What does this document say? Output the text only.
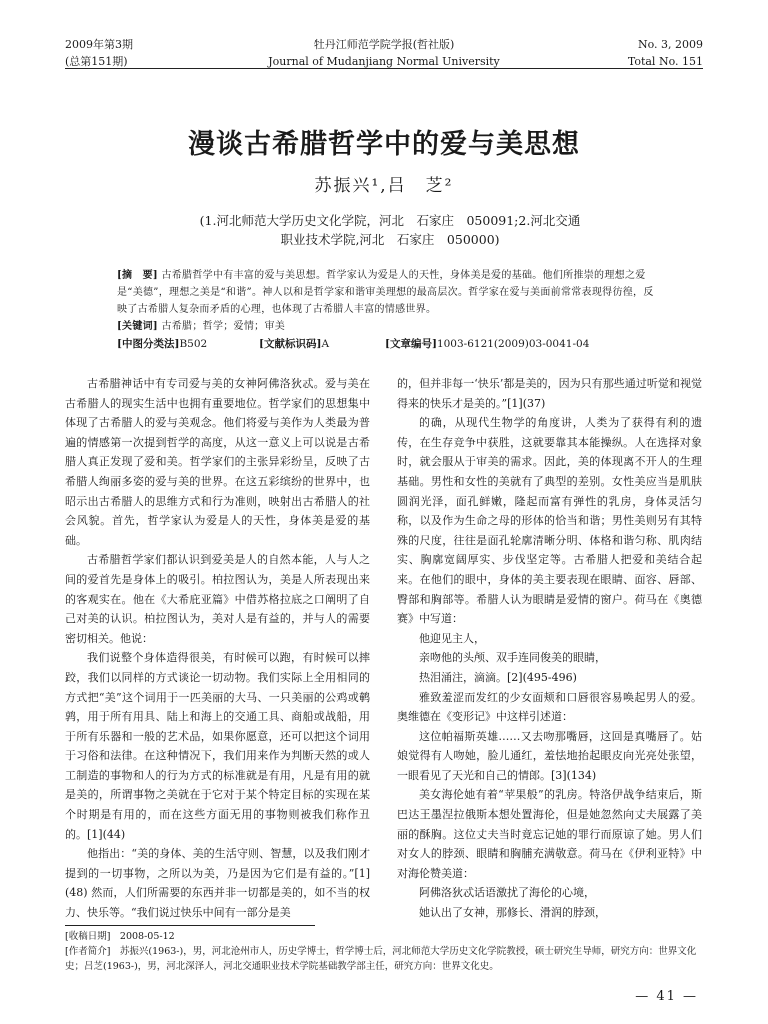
2009年第3期
(总第151期)
牡丹江师范学院学报(哲社版)
Journal of Mudanjiang Normal University
No. 3, 2009
Total No. 151
漫谈古希腊哲学中的爱与美思想
苏振兴¹,吕　芝²
(1.河北师范大学历史文化学院，河北　石家庄　050091;2.河北交通
职业技术学院,河北　石家庄　050000)
[摘　要] 古希腊哲学中有丰富的爱与美思想。哲学家认为爱是人的天性，身体美是爱的基础。他们所推崇的理想之爱是“美德”，理想之美是“和谐”。神人以和是哲学家和谐审美理想的最高层次。哲学家在爱与美面前常常表现得彷徨，反映了古希腊人复杂而矛盾的心理，也体现了古希腊人丰富的情感世界。
[关键词] 古希腊；哲学；爱情；审美
[中图分类法]B502	[文献标识码]A	[文章编号]1003-6121(2009)03-0041-04

古希腊神话中有专司爱与美的女神阿佛洛狄忒。爱与美在古希腊人的现实生活中也拥有重要地位。哲学家们的思想集中体现了古希腊人的爱与美观念。他们将爱与美作为人类最为普遍的情感第一次提到哲学的高度，从这一意义上可以说是古希腊人真正发现了爱和美。哲学家们的主张异彩纷呈，反映了古希腊人绚丽多姿的爱与美的世界。在这五彩缤纷的世界中，也昭示出古希腊人的思维方式和行为准则，映射出古希腊人的社会风貌。首先，哲学家认为爱是人的天性，身体美是爱的基础。

古希腊哲学家们都认识到爱美是人的自然本能，人与人之间的爱首先是身体上的吸引。柏拉图认为，美是人所表现出来的客观实在。他在《大希庇亚篇》中借苏格拉底之口阐明了自己对美的认识。柏拉图认为，美对人是有益的，并与人的需要密切相关。他说：

我们说整个身体造得很美，有时候可以跑，有时候可以摔跤，我们以同样的方式谈论一切动物。我们实际上全用相同的方式把“美”这个词用于一匹美丽的大马、一只美丽的公鸡或鹌鹑，用于所有用具、陆上和海上的交通工具、商船或战船，用于所有乐器和一般的艺术品，如果你愿意，还可以把这个词用于习俗和法律。在这种情况下，我们用来作为判断天然的或人工制造的事物和人的行为方式的标准就是有用，凡是有用的就是美的，所谓事物之美就在于它对于某个特定目标的实现在某个时期是有用的，而在这些方面无用的事物则被我们称作丑的。[1](44)

他指出：“美的身体、美的生活守则、智慧，以及我们刚才提到的一切事物，之所以为美，乃是因为它们是有益的。”[1](48) 然而，人们所需要的东西并非一切都是美的，如不当的权力、快乐等。“我们说过快乐中间有一部分是美

的，但并非每一‘快乐’都是美的，因为只有那些通过听觉和视觉得来的快乐才是美的。”[1](37)

的确，从现代生物学的角度讲，人类为了获得有利的遗传，在生存竞争中获胜，这就要靠其本能操纵。人在选择对象时，就会服从于审美的需求。因此，美的体现离不开人的生理基础。男性和女性的美就有了典型的差别。女性美应当是肌肤圆润光泽，面孔鲜嫩，隆起而富有弹性的乳房，身体灵活匀称，以及作为生命之母的形体的恰当和谐；男性美则另有其特殊的尺度，往往是面孔轮廓清晰分明、体格和谐匀称、肌肉结实、胸廓宽阔厚实、步伐坚定等。古希腊人把爱和美结合起来。在他们的眼中，身体的美主要表现在眼睛、面容、唇部、臀部和胸部等。希腊人认为眼睛是爱情的窗户。荷马在《奥德赛》中写道：

他迎见主人，

亲吻他的头颅、双手连同俊美的眼睛，

热泪涌注，滴滴。[2](495-496)

雅致羞涩而发红的少女面颊和口唇很容易唤起男人的爱。奥维德在《变形记》中这样引述道：

这位帕福斯英雄……又去吻那嘴唇，这回是真嘴唇了。姑娘觉得有人吻她，脸儿通红，羞怯地抬起眼皮向光亮处张望，一眼看见了天光和自己的情郎。[3](134)

美女海伦她有着“苹果般”的乳房。特洛伊战争结束后，斯巴达王墨涅拉俄斯本想处置海伦，但是她忽然向丈夫展露了美丽的酥胸。这位丈夫当时竟忘记她的罪行而原谅了她。男人们对女人的脖颈、眼睛和胸脯充满敬意。荷马在《伊利亚特》中对海伦赞美道：

阿佛洛狄忒话语激扰了海伦的心境，

她认出了女神，那修长、滑润的脖颈，

[收稿日期]　2008-05-12
[作者简介]　苏振兴(1963-)，男，河北沧州市人，历史学博士，哲学博士后，河北师范大学历史文化学院教授，硕士研究生导师，研究方向：世界文化史；吕芝(1963-)，男，河北深泽人，河北交通职业技术学院基础教学部主任，研究方向：世界文化史。
— 41 —
